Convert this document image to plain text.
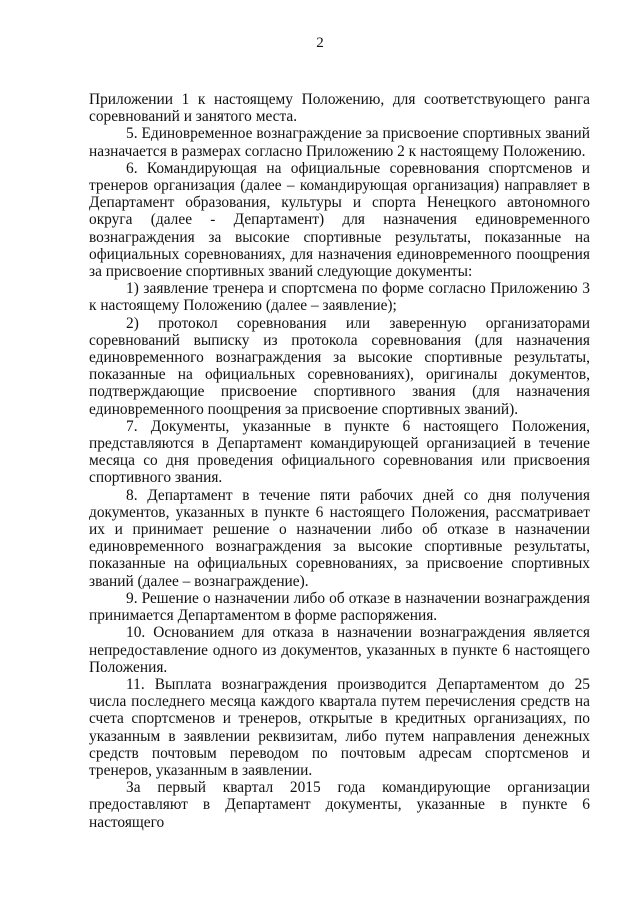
2

Приложении 1 к настоящему Положению, для соответствующего ранга соревнований и занятого места.

5. Единовременное вознаграждение за присвоение спортивных званий назначается в размерах согласно Приложению 2 к настоящему Положению.

6. Командирующая на официальные соревнования спортсменов и тренеров организация (далее – командирующая организация) направляет в Департамент образования, культуры и спорта Ненецкого автономного округа (далее - Департамент) для назначения единовременного вознаграждения за высокие спортивные результаты, показанные на официальных соревнованиях, для назначения единовременного поощрения за присвоение спортивных званий следующие документы:

1) заявление тренера и спортсмена по форме согласно Приложению 3 к настоящему Положению (далее – заявление);

2) протокол соревнования или заверенную организаторами соревнований выписку из протокола соревнования (для назначения единовременного вознаграждения за высокие спортивные результаты, показанные на официальных соревнованиях), оригиналы документов, подтверждающие присвоение спортивного звания (для назначения единовременного поощрения за присвоение спортивных званий).

7. Документы, указанные в пункте 6 настоящего Положения, представляются в Департамент командирующей организацией в течение месяца со дня проведения официального соревнования или присвоения спортивного звания.

8. Департамент в течение пяти рабочих дней со дня получения документов, указанных в пункте 6 настоящего Положения, рассматривает их и принимает решение о назначении либо об отказе в назначении единовременного вознаграждения за высокие спортивные результаты, показанные на официальных соревнованиях, за присвоение спортивных званий (далее – вознаграждение).

9. Решение о назначении либо об отказе в назначении вознаграждения принимается Департаментом в форме распоряжения.

10. Основанием для отказа в назначении вознаграждения является непредоставление одного из документов, указанных в пункте 6 настоящего Положения.

11. Выплата вознаграждения производится Департаментом до 25 числа последнего месяца каждого квартала путем перечисления средств на счета спортсменов и тренеров, открытые в кредитных организациях, по указанным в заявлении реквизитам, либо путем направления денежных средств почтовым переводом по почтовым адресам спортсменов и тренеров, указанным в заявлении.

За первый квартал 2015 года командирующие организации предоставляют в Департамент документы, указанные в пункте 6 настоящего
